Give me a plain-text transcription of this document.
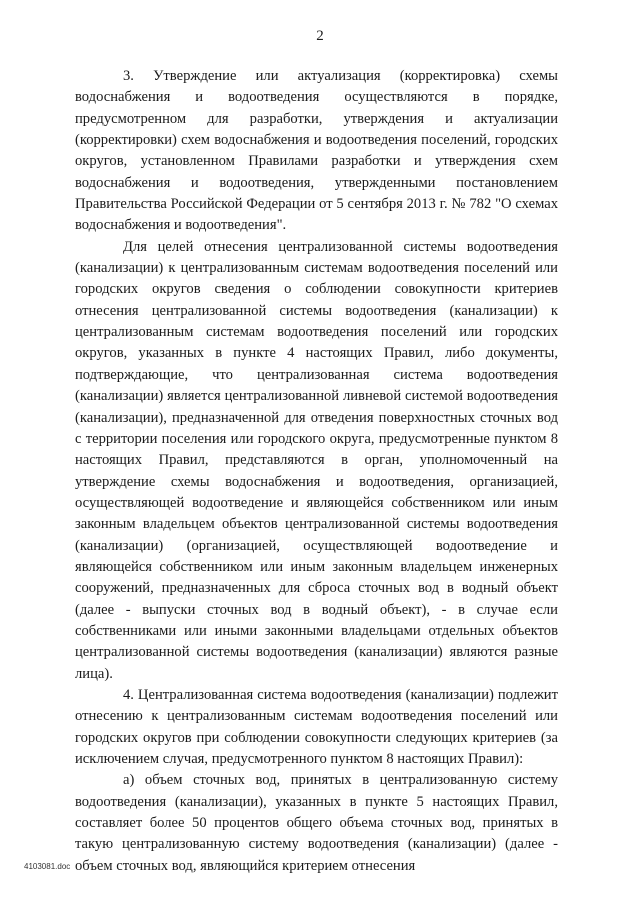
2

3. Утверждение или актуализация (корректировка) схемы водоснабжения и водоотведения осуществляются в порядке, предусмотренном для разработки, утверждения и актуализации (корректировки) схем водоснабжения и водоотведения поселений, городских округов, установленном Правилами разработки и утверждения схем водоснабжения и водоотведения, утвержденными постановлением Правительства Российской Федерации от 5 сентября 2013 г. № 782 "О схемах водоснабжения и водоотведения".

Для целей отнесения централизованной системы водоотведения (канализации) к централизованным системам водоотведения поселений или городских округов сведения о соблюдении совокупности критериев отнесения централизованной системы водоотведения (канализации) к централизованным системам водоотведения поселений или городских округов, указанных в пункте 4 настоящих Правил, либо документы, подтверждающие, что централизованная система водоотведения (канализации) является централизованной ливневой системой водоотведения (канализации), предназначенной для отведения поверхностных сточных вод с территории поселения или городского округа, предусмотренные пунктом 8 настоящих Правил, представляются в орган, уполномоченный на утверждение схемы водоснабжения и водоотведения, организацией, осуществляющей водоотведение и являющейся собственником или иным законным владельцем объектов централизованной системы водоотведения (канализации) (организацией, осуществляющей водоотведение и являющейся собственником или иным законным владельцем инженерных сооружений, предназначенных для сброса сточных вод в водный объект (далее - выпуски сточных вод в водный объект), - в случае если собственниками или иными законными владельцами отдельных объектов централизованной системы водоотведения (канализации) являются разные лица).

4. Централизованная система водоотведения (канализации) подлежит отнесению к централизованным системам водоотведения поселений или городских округов при соблюдении совокупности следующих критериев (за исключением случая, предусмотренного пунктом 8 настоящих Правил):

а) объем сточных вод, принятых в централизованную систему водоотведения (канализации), указанных в пункте 5 настоящих Правил, составляет более 50 процентов общего объема сточных вод, принятых в такую централизованную систему водоотведения (канализации) (далее - объем сточных вод, являющийся критерием отнесения

4103081.doc
